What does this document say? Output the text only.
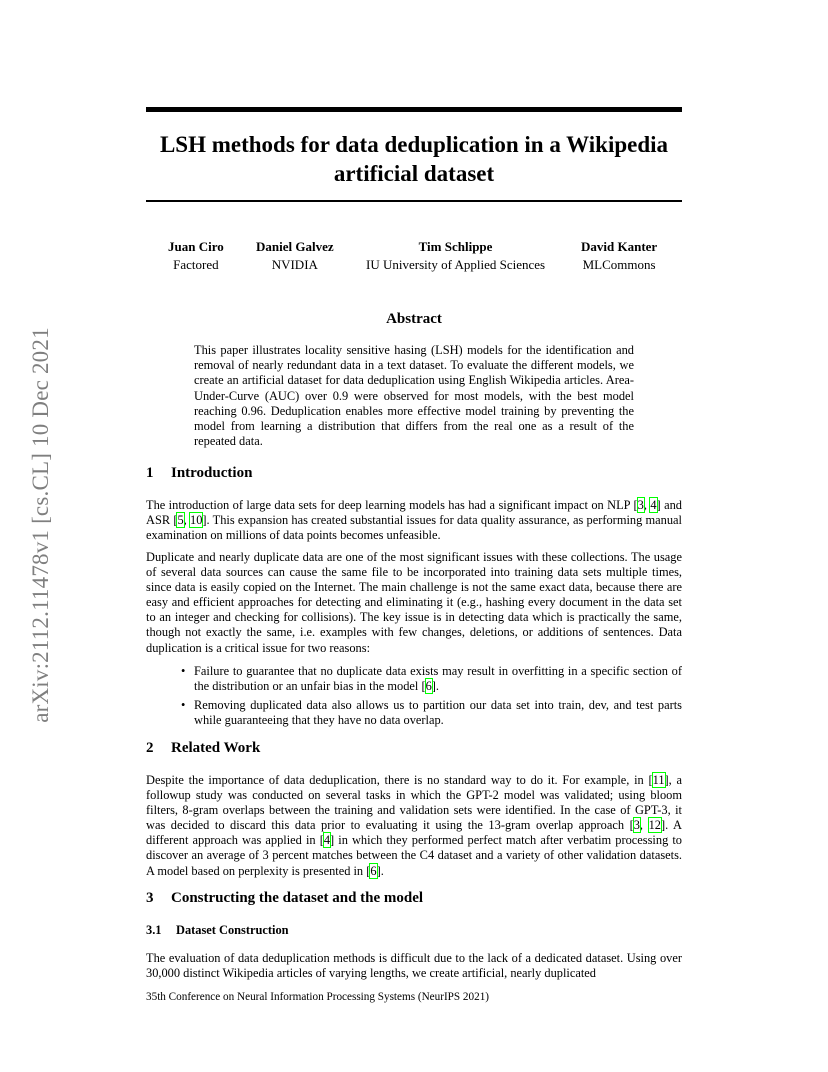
arXiv:2112.11478v1 [cs.CL] 10 Dec 2021
LSH methods for data deduplication in a Wikipedia
artificial dataset
Juan Ciro
Factored
Daniel Galvez
NVIDIA
Tim Schlippe
IU University of Applied Sciences
David Kanter
MLCommons
Abstract
This paper illustrates locality sensitive hasing (LSH) models for the identification and removal of nearly redundant data in a text dataset. To evaluate the different models, we create an artificial dataset for data deduplication using English Wikipedia articles. Area-Under-Curve (AUC) over 0.9 were observed for most models, with the best model reaching 0.96. Deduplication enables more effective model training by preventing the model from learning a distribution that differs from the real one as a result of the repeated data.
1 Introduction
The introduction of large data sets for deep learning models has had a significant impact on NLP [3, 4] and ASR [5, 10]. This expansion has created substantial issues for data quality assurance, as performing manual examination on millions of data points becomes unfeasible.
Duplicate and nearly duplicate data are one of the most significant issues with these collections. The usage of several data sources can cause the same file to be incorporated into training data sets multiple times, since data is easily copied on the Internet. The main challenge is not the same exact data, because there are easy and efficient approaches for detecting and eliminating it (e.g., hashing every document in the data set to an integer and checking for collisions). The key issue is in detecting data which is practically the same, though not exactly the same, i.e. examples with few changes, deletions, or additions of sentences. Data duplication is a critical issue for two reasons:
• Failure to guarantee that no duplicate data exists may result in overfitting in a specific section of the distribution or an unfair bias in the model [6].
• Removing duplicated data also allows us to partition our data set into train, dev, and test parts while guaranteeing that they have no data overlap.
2 Related Work
Despite the importance of data deduplication, there is no standard way to do it. For example, in [11], a followup study was conducted on several tasks in which the GPT-2 model was validated; using bloom filters, 8-gram overlaps between the training and validation sets were identified. In the case of GPT-3, it was decided to discard this data prior to evaluating it using the 13-gram overlap approach [3, 12]. A different approach was applied in [4] in which they performed perfect match after verbatim processing to discover an average of 3 percent matches between the C4 dataset and a variety of other validation datasets. A model based on perplexity is presented in [6].
3 Constructing the dataset and the model
3.1 Dataset Construction
The evaluation of data deduplication methods is difficult due to the lack of a dedicated dataset. Using over 30,000 distinct Wikipedia articles of varying lengths, we create artificial, nearly duplicated
35th Conference on Neural Information Processing Systems (NeurIPS 2021)
